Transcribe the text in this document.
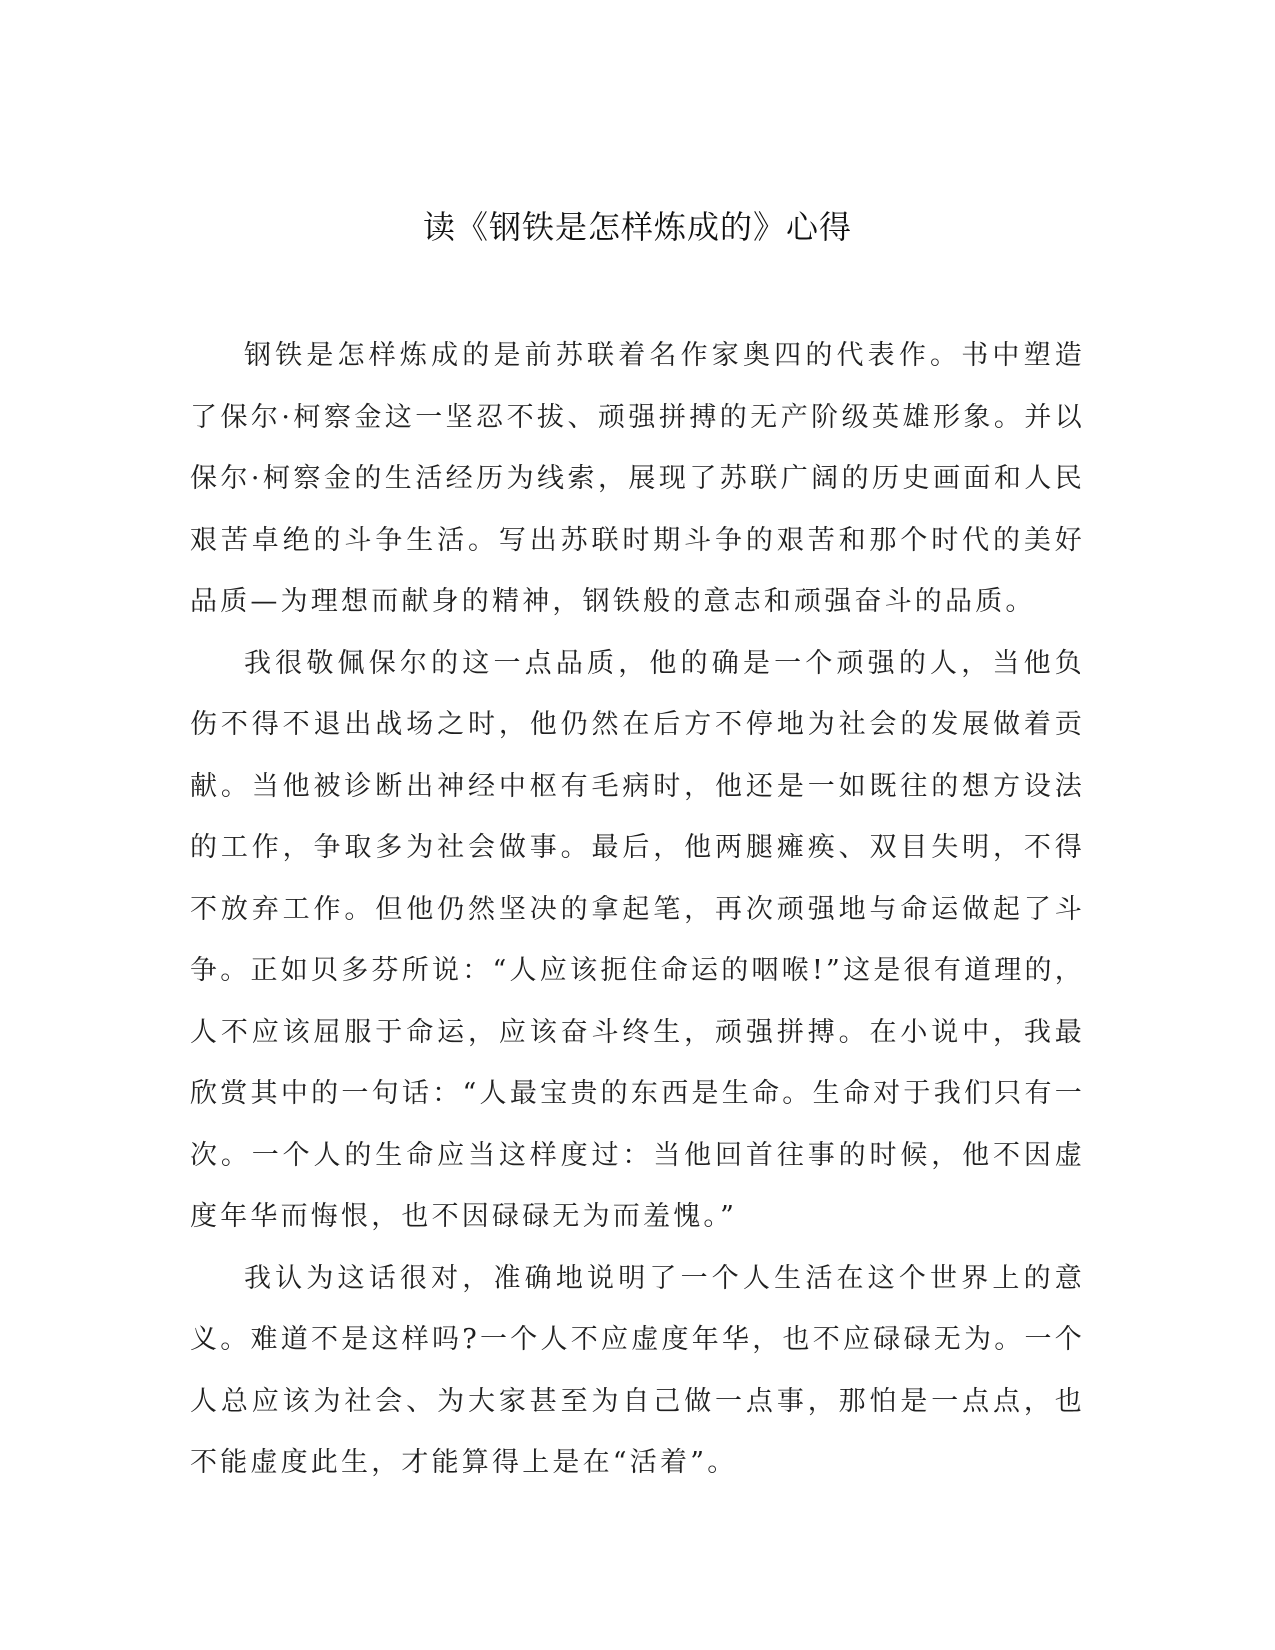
读《钢铁是怎样炼成的》心得

钢铁是怎样炼成的是前苏联着名作家奥四的代表作。书中塑造了保尔·柯察金这一坚忍不拔、顽强拼搏的无产阶级英雄形象。并以保尔·柯察金的生活经历为线索，展现了苏联广阔的历史画面和人民艰苦卓绝的斗争生活。写出苏联时期斗争的艰苦和那个时代的美好品质—为理想而献身的精神，钢铁般的意志和顽强奋斗的品质。

我很敬佩保尔的这一点品质，他的确是一个顽强的人，当他负伤不得不退出战场之时，他仍然在后方不停地为社会的发展做着贡献。当他被诊断出神经中枢有毛病时，他还是一如既往的想方设法的工作，争取多为社会做事。最后，他两腿瘫痪、双目失明，不得不放弃工作。但他仍然坚决的拿起笔，再次顽强地与命运做起了斗争。正如贝多芬所说：“人应该扼住命运的咽喉!”这是很有道理的，人不应该屈服于命运，应该奋斗终生，顽强拼搏。在小说中，我最欣赏其中的一句话：“人最宝贵的东西是生命。生命对于我们只有一次。一个人的生命应当这样度过：当他回首往事的时候，他不因虚度年华而悔恨，也不因碌碌无为而羞愧。”

我认为这话很对，准确地说明了一个人生活在这个世界上的意义。难道不是这样吗?一个人不应虚度年华，也不应碌碌无为。一个人总应该为社会、为大家甚至为自己做一点事，那怕是一点点，也不能虚度此生，才能算得上是在“活着”。
